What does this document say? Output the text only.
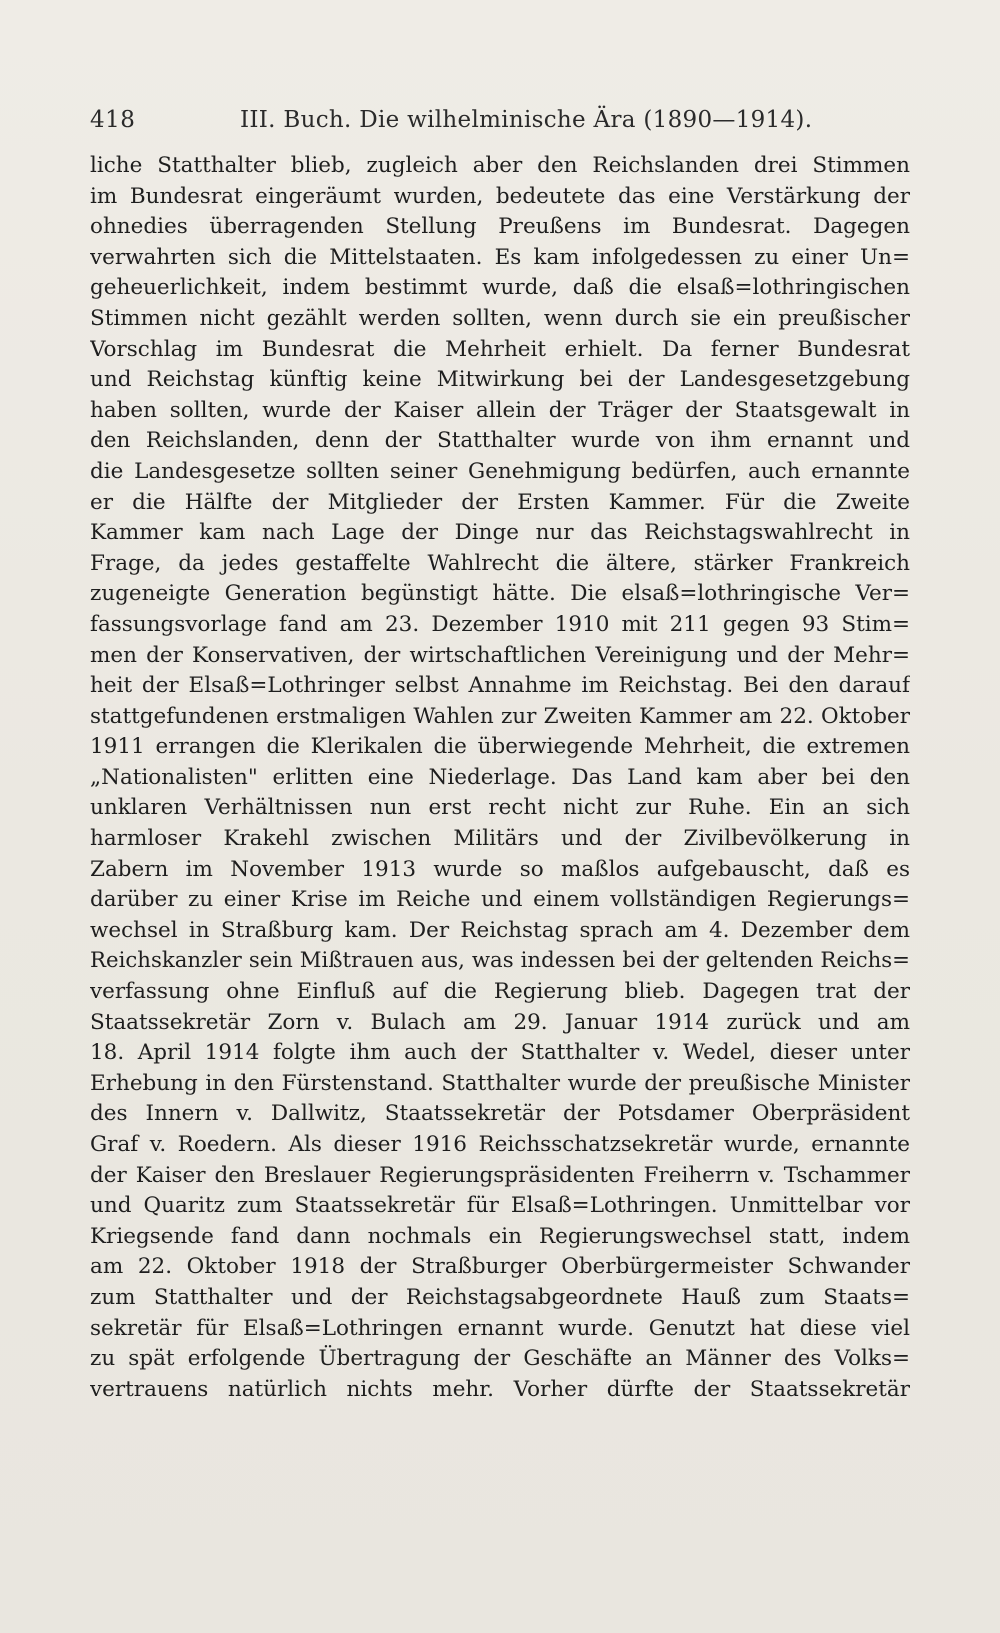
418	III. Buch. Die wilhelminische Ära (1890—1914).
liche Statthalter blieb, zugleich aber den Reichslanden drei Stimmen
im Bundesrat eingeräumt wurden, bedeutete das eine Verstärkung der
ohnedies überragenden Stellung Preußens im Bundesrat. Dagegen
verwahrten sich die Mittelstaaten. Es kam infolgedessen zu einer Un=
geheuerlichkeit, indem bestimmt wurde, daß die elsaß=lothringischen
Stimmen nicht gezählt werden sollten, wenn durch sie ein preußischer
Vorschlag im Bundesrat die Mehrheit erhielt. Da ferner Bundesrat
und Reichstag künftig keine Mitwirkung bei der Landesgesetzgebung
haben sollten, wurde der Kaiser allein der Träger der Staatsgewalt in
den Reichslanden, denn der Statthalter wurde von ihm ernannt und
die Landesgesetze sollten seiner Genehmigung bedürfen, auch ernannte
er die Hälfte der Mitglieder der Ersten Kammer. Für die Zweite
Kammer kam nach Lage der Dinge nur das Reichstagswahlrecht in
Frage, da jedes gestaffelte Wahlrecht die ältere, stärker Frankreich
zugeneigte Generation begünstigt hätte. Die elsaß=lothringische Ver=
fassungsvorlage fand am 23. Dezember 1910 mit 211 gegen 93 Stim=
men der Konservativen, der wirtschaftlichen Vereinigung und der Mehr=
heit der Elsaß=Lothringer selbst Annahme im Reichstag. Bei den darauf
stattgefundenen erstmaligen Wahlen zur Zweiten Kammer am 22. Oktober
1911 errangen die Klerikalen die überwiegende Mehrheit, die extremen
„Nationalisten" erlitten eine Niederlage. Das Land kam aber bei den
unklaren Verhältnissen nun erst recht nicht zur Ruhe. Ein an sich
harmloser Krakehl zwischen Militärs und der Zivilbevölkerung in
Zabern im November 1913 wurde so maßlos aufgebauscht, daß es
darüber zu einer Krise im Reiche und einem vollständigen Regierungs=
wechsel in Straßburg kam. Der Reichstag sprach am 4. Dezember dem
Reichskanzler sein Mißtrauen aus, was indessen bei der geltenden Reichs=
verfassung ohne Einfluß auf die Regierung blieb. Dagegen trat der
Staatssekretär Zorn v. Bulach am 29. Januar 1914 zurück und am
18. April 1914 folgte ihm auch der Statthalter v. Wedel, dieser unter
Erhebung in den Fürstenstand. Statthalter wurde der preußische Minister
des Innern v. Dallwitz, Staatssekretär der Potsdamer Oberpräsident
Graf v. Roedern. Als dieser 1916 Reichsschatzsekretär wurde, ernannte
der Kaiser den Breslauer Regierungspräsidenten Freiherrn v. Tschammer
und Quaritz zum Staatssekretär für Elsaß=Lothringen. Unmittelbar vor
Kriegsende fand dann nochmals ein Regierungswechsel statt, indem
am 22. Oktober 1918 der Straßburger Oberbürgermeister Schwander
zum Statthalter und der Reichstagsabgeordnete Hauß zum Staats=
sekretär für Elsaß=Lothringen ernannt wurde. Genutzt hat diese viel
zu spät erfolgende Übertragung der Geschäfte an Männer des Volks=
vertrauens natürlich nichts mehr. Vorher dürfte der Staatssekretär
